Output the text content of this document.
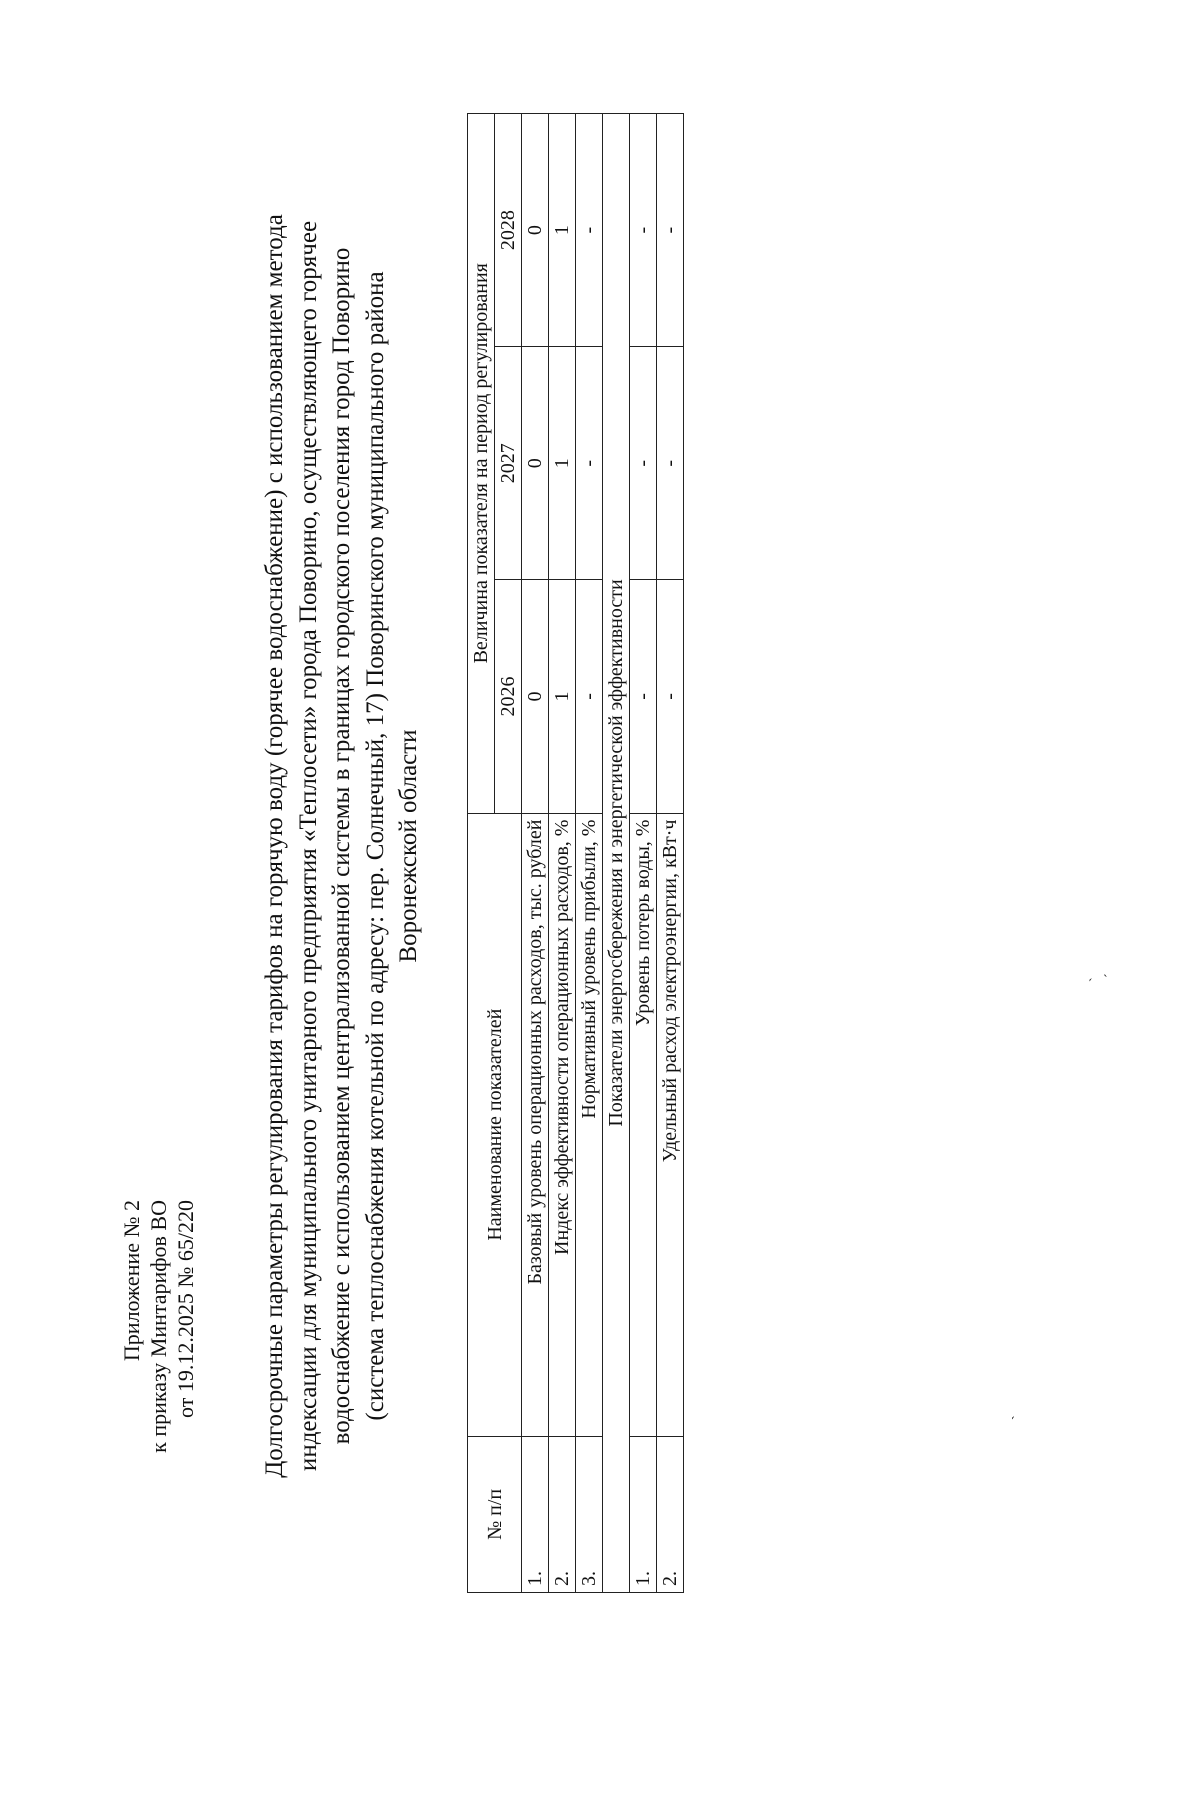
Приложение № 2 к приказу Минтарифов ВО от 19.12.2025 № 65/220	Долгосрочные параметры регулирования тарифов на горячую воду (горячее водоснабжение) с использованием метода индексации для муниципального унитарного предприятия «Теплосети» города Поворино, осуществляющего горячее водоснабжение с использованием централизованной системы в границах городского поселения город Поворино (система теплоснабжения котельной по адресу: пер. Солнечный, 17) Поворинского муниципального района Воронежской области
№ п/п	Наименование показателей	Величина показателя на период регулирования		
		2026	2027	2028
1.	Базовый уровень операционных расходов, тыс. рублей	0	0	0
2.	Индекс эффективности операционных расходов, %	1	1	1
3.	Нормативный уровень прибыли, %	-	-	-
Показатели энергосбережения и энергетической эффективности				
1.	Уровень потерь воды, %	-	-	-
2.	Удельный расход электроэнергии, кВт·ч	-	-	-
ˊ
ˏ
ˋ
